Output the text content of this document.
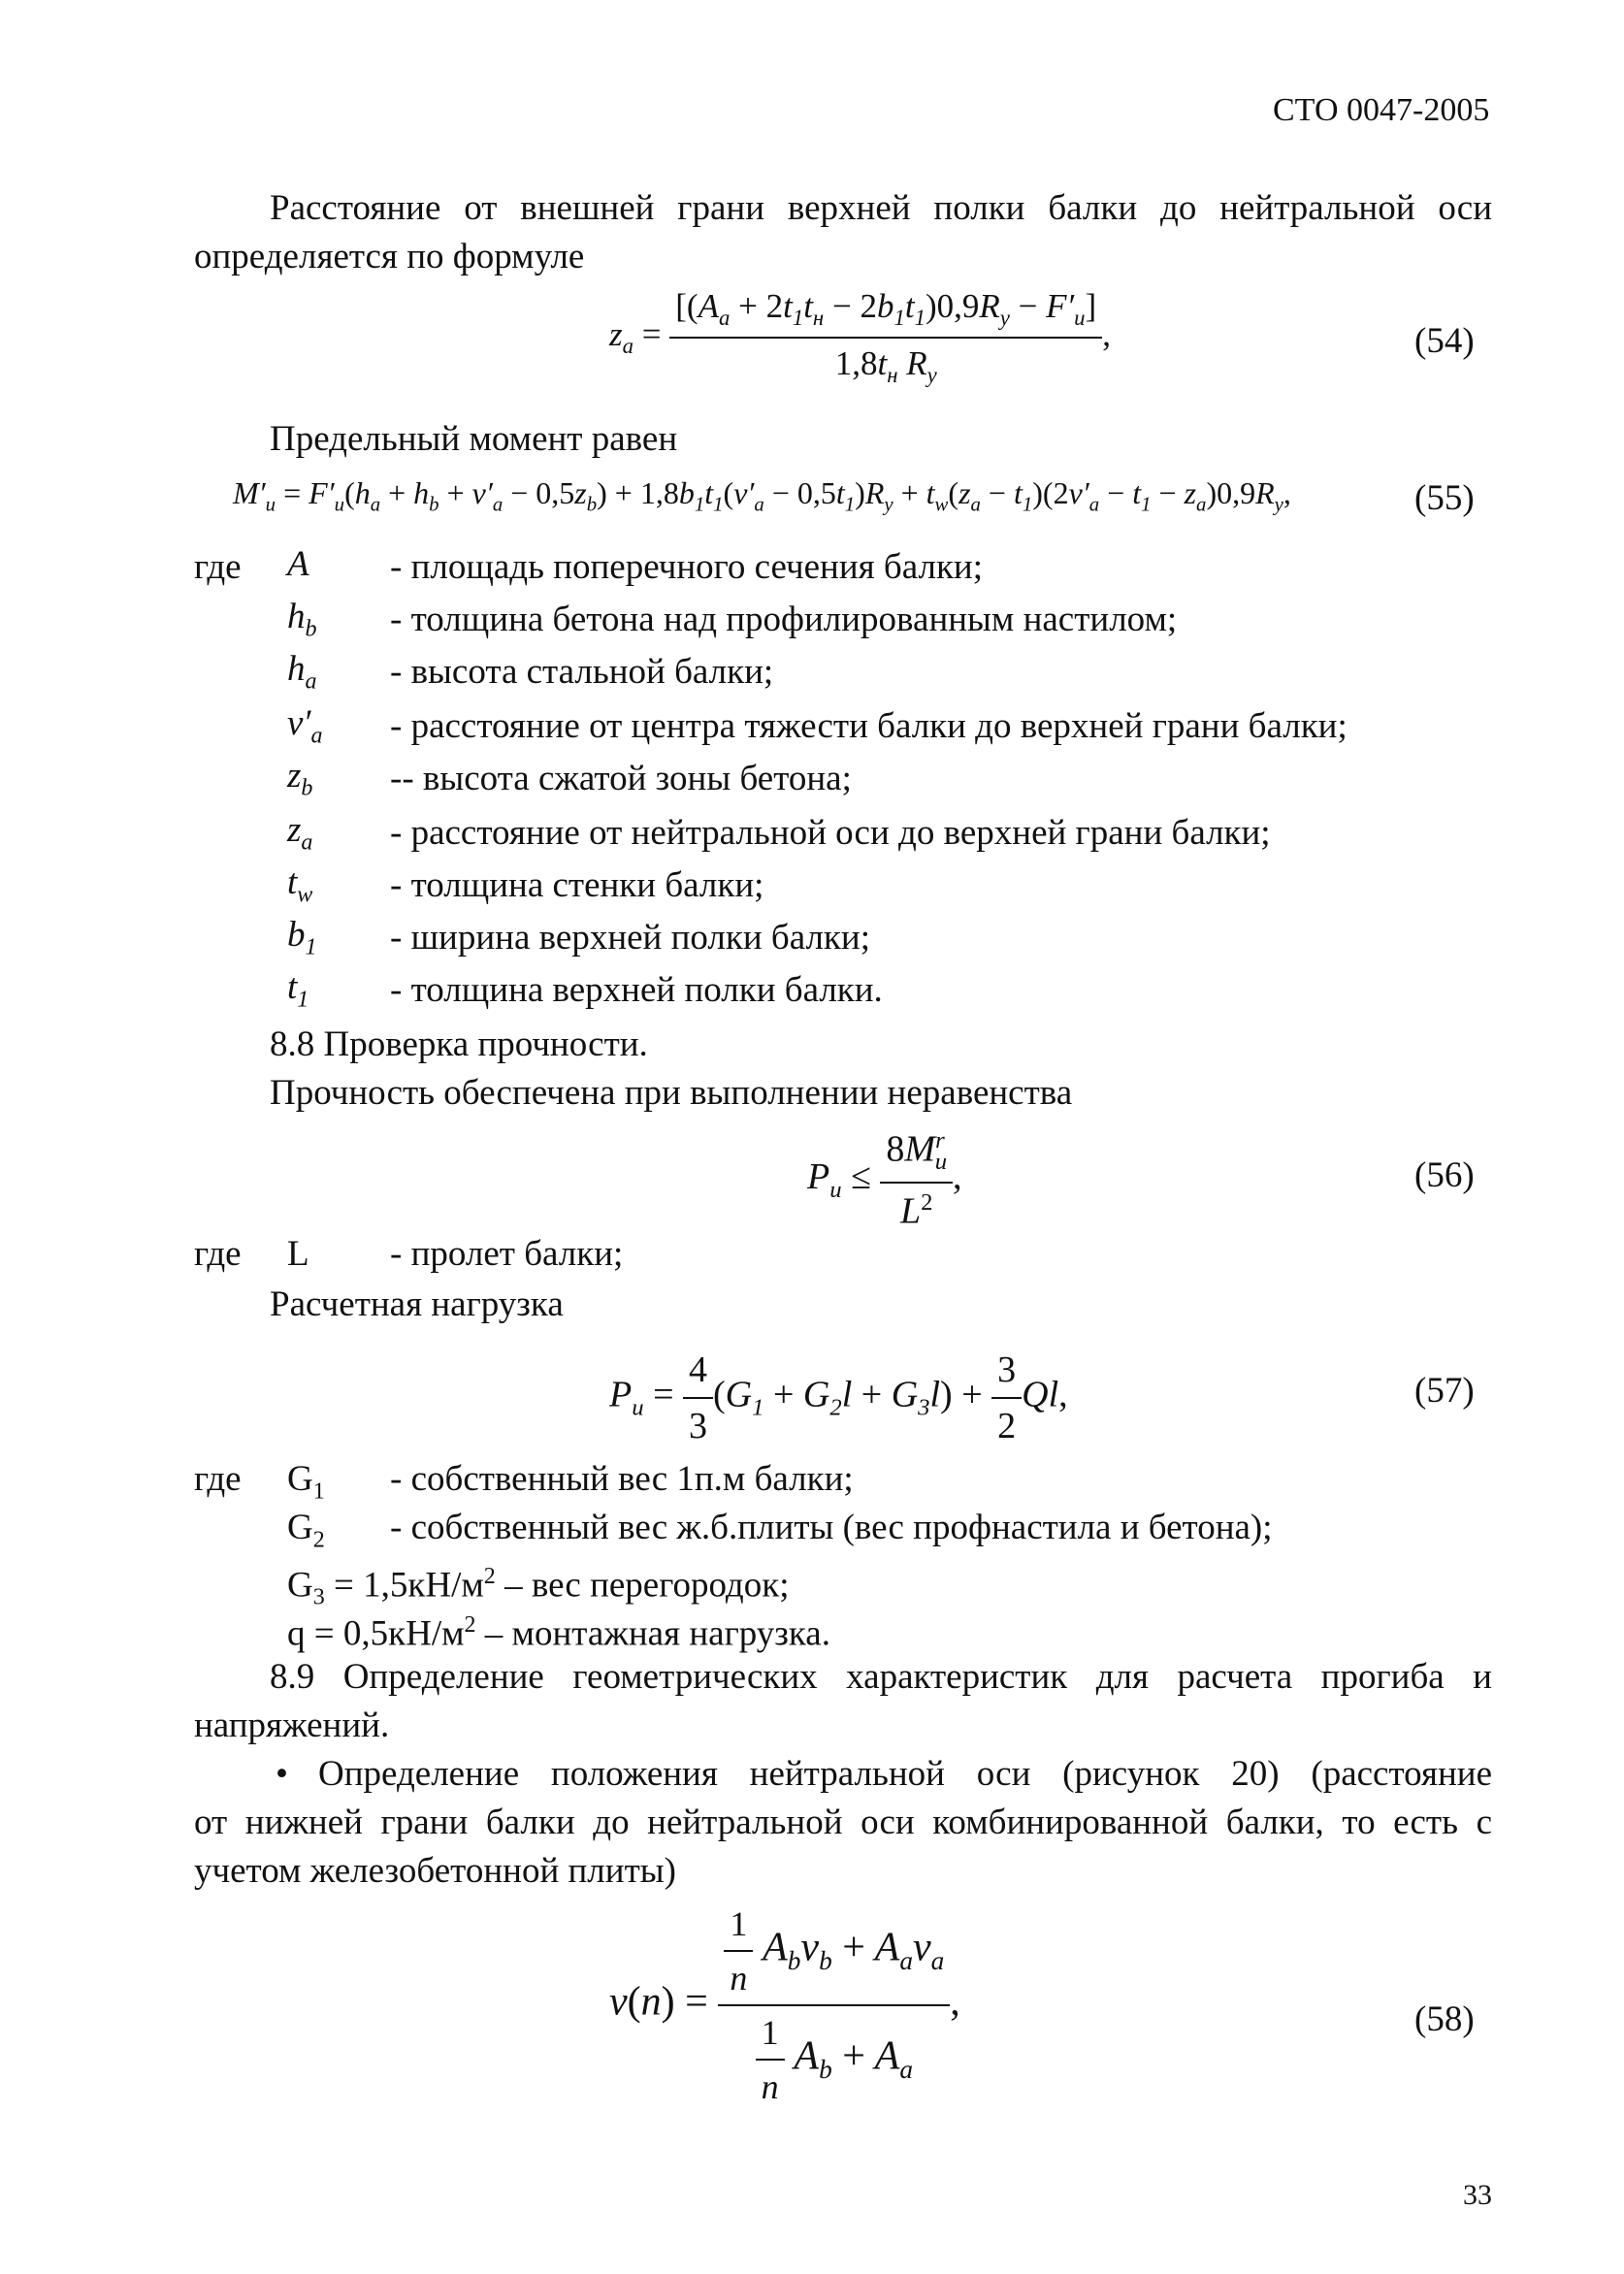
СТО 0047-2005
Расстояние от внешней грани верхней полки балки до нейтральной оси
определяется по формуле
$z_a = \frac{[(A_a + 2t_1t_н - 2b_1t_1)0,9R_y - F'_u]}{1,8t_н R_y}$ ,	(54)
Предельный момент равен
$M'_u = F'_u(h_a + h_b + v'_a - 0,5z_b) + 1,8b_1t_1(v'_a - 0,5t_1)R_y + t_w(z_a - t_1)(2v'_a - t_1 - z_a)0,9R_y$,	(55)
где A - площадь поперечного сечения балки;
$h_b$ - толщина бетона над профилированным настилом;
$h_a$ - высота стальной балки;
$v'_a$ - расстояние от центра тяжести балки до верхней грани балки;
$z_b$ -- высота сжатой зоны бетона;
$z_a$ - расстояние от нейтральной оси до верхней грани балки;
$t_w$ - толщина стенки балки;
$b_1$ - ширина верхней полки балки;
$t_1$ - толщина верхней полки балки.
8.8 Проверка прочности.
Прочность обеспечена при выполнении неравенства
$P_u \le \frac{8M^r_u}{L^2}$ ,	(56)
где L - пролет балки;
Расчетная нагрузка
$P_u = \frac{4}{3} (G_1 + G_2l + G_3l) + \frac{3}{2} Ql$,	(57)
где $G_1$ - собственный вес 1п.м балки;
$G_2$ - собственный вес ж.б.плиты (вес профнастила и бетона);
$G_3 = 1,5кН/м^2$ – вес перегородок;
$q = 0,5кН/м^2$ – монтажная нагрузка.
8.9 Определение геометрических характеристик для расчета прогиба и
напряжений.
• Определение положения нейтральной оси (рисунок 20) (расстояние
от нижней грани балки до нейтральной оси комбинированной балки, то есть с
учетом железобетонной плиты)
$v(n) = \frac{\frac{1}{n} A_bv_b + A_av_a}{\frac{1}{n} A_b + A_a}$ ,	(58)
33
